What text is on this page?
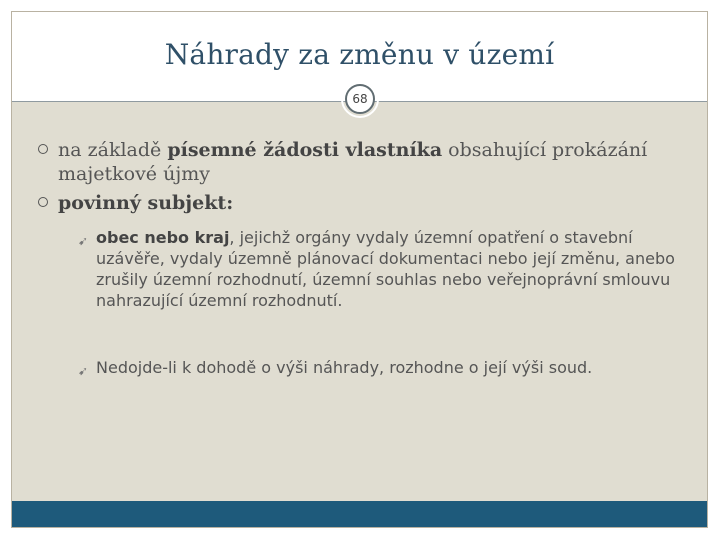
Náhrady za změnu v území
na základě písemné žádosti vlastníka obsahující prokázání majetkové újmy
povinný subjekt:
➹ obec nebo kraj, jejichž orgány vydaly územní opatření o stavební uzávěře, vydaly územně plánovací dokumentaci nebo její změnu, anebo zrušily územní rozhodnutí, územní souhlas nebo veřejnoprávní smlouvu nahrazující územní rozhodnutí.
➹ Nedojde-li k dohodě o výši náhrady, rozhodne o její výši soud.
68
